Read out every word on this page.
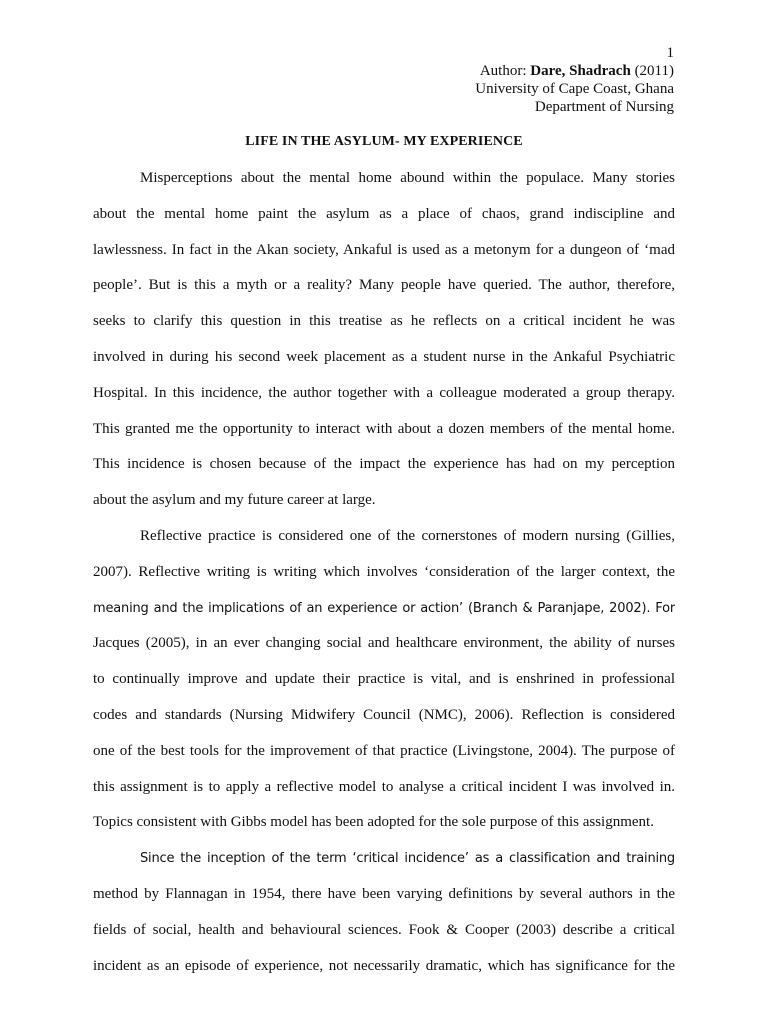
1
Author: Dare, Shadrach (2011)
University of Cape Coast, Ghana
Department of Nursing
LIFE IN THE ASYLUM- MY EXPERIENCE
Misperceptions about the mental home abound within the populace. Many stories
about the mental home paint the asylum as a place of chaos, grand indiscipline and
lawlessness. In fact in the Akan society, Ankaful is used as a metonym for a dungeon of ‘mad
people’. But is this a myth or a reality? Many people have queried. The author, therefore,
seeks to clarify this question in this treatise as he reflects on a critical incident he was
involved in during his second week placement as a student nurse in the Ankaful Psychiatric
Hospital. In this incidence, the author together with a colleague moderated a group therapy.
This granted me the opportunity to interact with about a dozen members of the mental home.
This incidence is chosen because of the impact the experience has had on my perception
about the asylum and my future career at large.
Reflective practice is considered one of the cornerstones of modern nursing (Gillies,
2007). Reflective writing is writing which involves ‘consideration of the larger context, the
meaning and the implications of an experience or action’ (Branch & Paranjape, 2002). For
Jacques (2005), in an ever changing social and healthcare environment, the ability of nurses
to continually improve and update their practice is vital, and is enshrined in professional
codes and standards (Nursing Midwifery Council (NMC), 2006). Reflection is considered
one of the best tools for the improvement of that practice (Livingstone, 2004). The purpose of
this assignment is to apply a reflective model to analyse a critical incident I was involved in.
Topics consistent with Gibbs model has been adopted for the sole purpose of this assignment.
Since the inception of the term ‘critical incidence’ as a classification and training
method by Flannagan in 1954, there have been varying definitions by several authors in the
fields of social, health and behavioural sciences. Fook & Cooper (2003) describe a critical
incident as an episode of experience, not necessarily dramatic, which has significance for the
